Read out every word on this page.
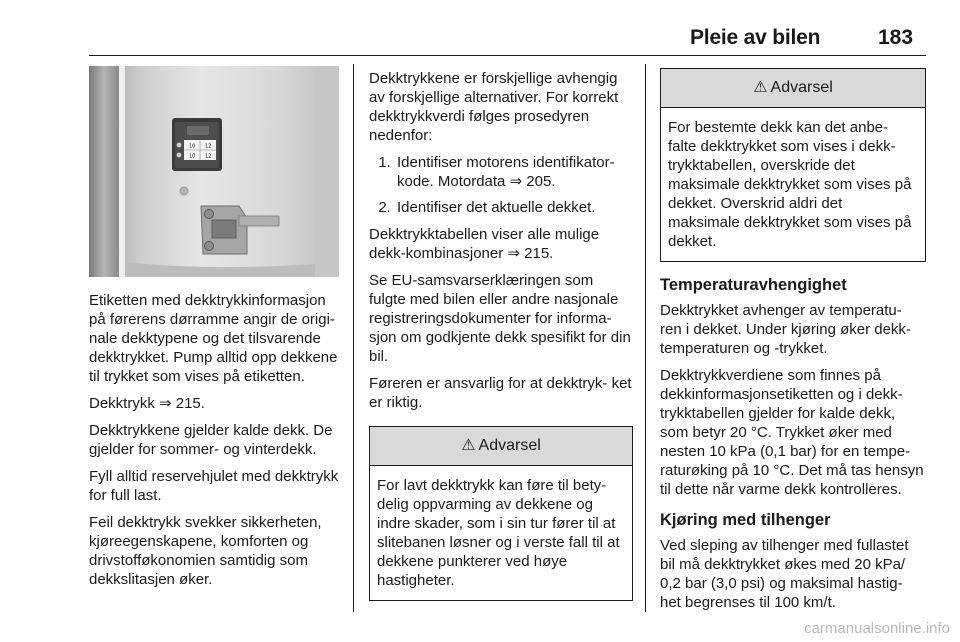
Pleie av bilen	183
10 12
10 12

Etiketten med dekktrykkinformasjon på førerens dørramme angir de origi- nale dekktypene og det tilsvarende dekktrykket. Pump alltid opp dekkene til trykket som vises på etiketten.

Dekktrykk ⇒ 215.

Dekktrykkene gjelder kalde dekk. De gjelder for sommer- og vinterdekk.

Fyll alltid reservehjulet med dekktrykk for full last.

Feil dekktrykk svekker sikkerheten, kjøreegenskapene, komforten og drivstofføkonomien samtidig som dekkslitasjen øker.

Dekktrykkene er forskjellige avhengig av forskjellige alternativer. For korrekt dekktrykkverdi følges prosedyren nedenfor:

1. Identifiser motorens identifikator- kode. Motordata ⇒ 205.
2. Identifiser det aktuelle dekket.

Dekktrykktabellen viser alle mulige dekk-kombinasjoner ⇒ 215.

Se EU-samsvarserklæringen som fulgte med bilen eller andre nasjonale registreringsdokumenter for informa- sjon om godkjente dekk spesifikt for din bil.

Føreren er ansvarlig for at dekktryk- ket er riktig.

⚠ Advarsel
For lavt dekktrykk kan føre til bety- delig oppvarming av dekkene og indre skader, som i sin tur fører til at slitebanen løsner og i verste fall til at dekkene punkterer ved høye hastigheter.
⚠ Advarsel
For bestemte dekk kan det anbe- falte dekktrykket som vises i dekk- trykktabellen, overskride det maksimale dekktrykket som vises på dekket. Overskrid aldri det maksimale dekktrykket som vises på dekket.
Temperaturavhengighet

Dekktrykket avhenger av temperatu- ren i dekket. Under kjøring øker dekk- temperaturen og -trykket.

Dekktrykkverdiene som finnes på dekkinformasjonsetiketten og i dekk- trykktabellen gjelder for kalde dekk, som betyr 20 °C. Trykket øker med nesten 10 kPa (0,1 bar) for en tempe- raturøking på 10 °C. Det må tas hensyn til dette når varme dekk kontrolleres.

Kjøring med tilhenger

Ved sleping av tilhenger med fullastet bil må dekktrykket økes med 20 kPa/ 0,2 bar (3,0 psi) og maksimal hastig- het begrenses til 100 km/t.

carmanualsonline.info
